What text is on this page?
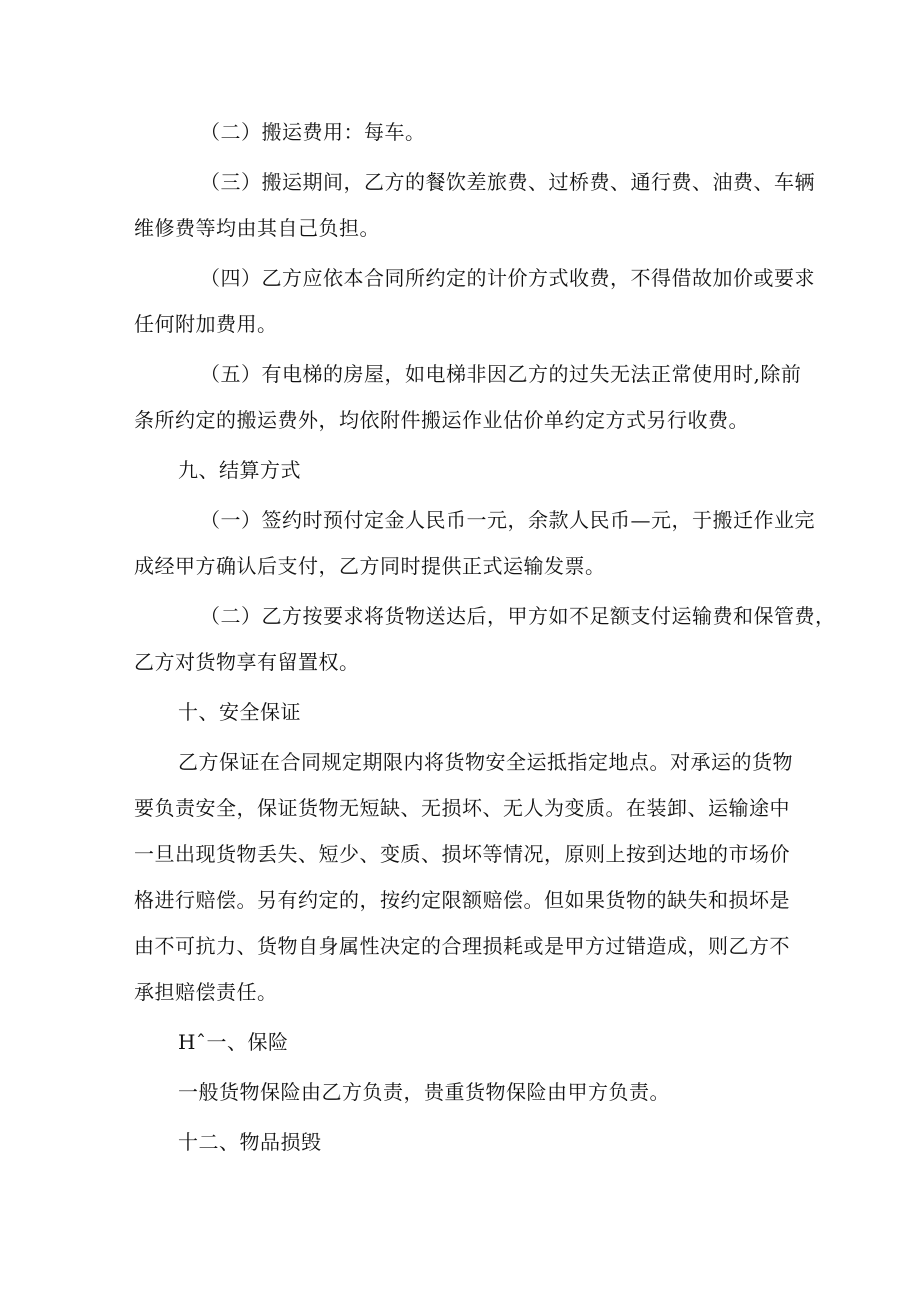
（二）搬运费用：每车。
（三）搬运期间，乙方的餐饮差旅费、过桥费、通行费、油费、车辆
维修费等均由其自己负担。
（四）乙方应依本合同所约定的计价方式收费，不得借故加价或要求
任何附加费用。
（五）有电梯的房屋，如电梯非因乙方的过失无法正常使用时,除前
条所约定的搬运费外，均依附件搬运作业估价单约定方式另行收费。
九、结算方式
（一）签约时预付定金人民币一元，余款人民币—元，于搬迁作业完
成经甲方确认后支付，乙方同时提供正式运输发票。
（二）乙方按要求将货物送达后，甲方如不足额支付运输费和保管费，
乙方对货物享有留置权。
十、安全保证
乙方保证在合同规定期限内将货物安全运抵指定地点。对承运的货物
要负责安全，保证货物无短缺、无损坏、无人为变质。在装卸、运输途中
一旦出现货物丢失、短少、变质、损坏等情况，原则上按到达地的市场价
格进行赔偿。另有约定的，按约定限额赔偿。但如果货物的缺失和损坏是
由不可抗力、货物自身属性决定的合理损耗或是甲方过错造成，则乙方不
承担赔偿责任。
Hˆ一、保险
一般货物保险由乙方负责，贵重货物保险由甲方负责。
十二、物品损毁
